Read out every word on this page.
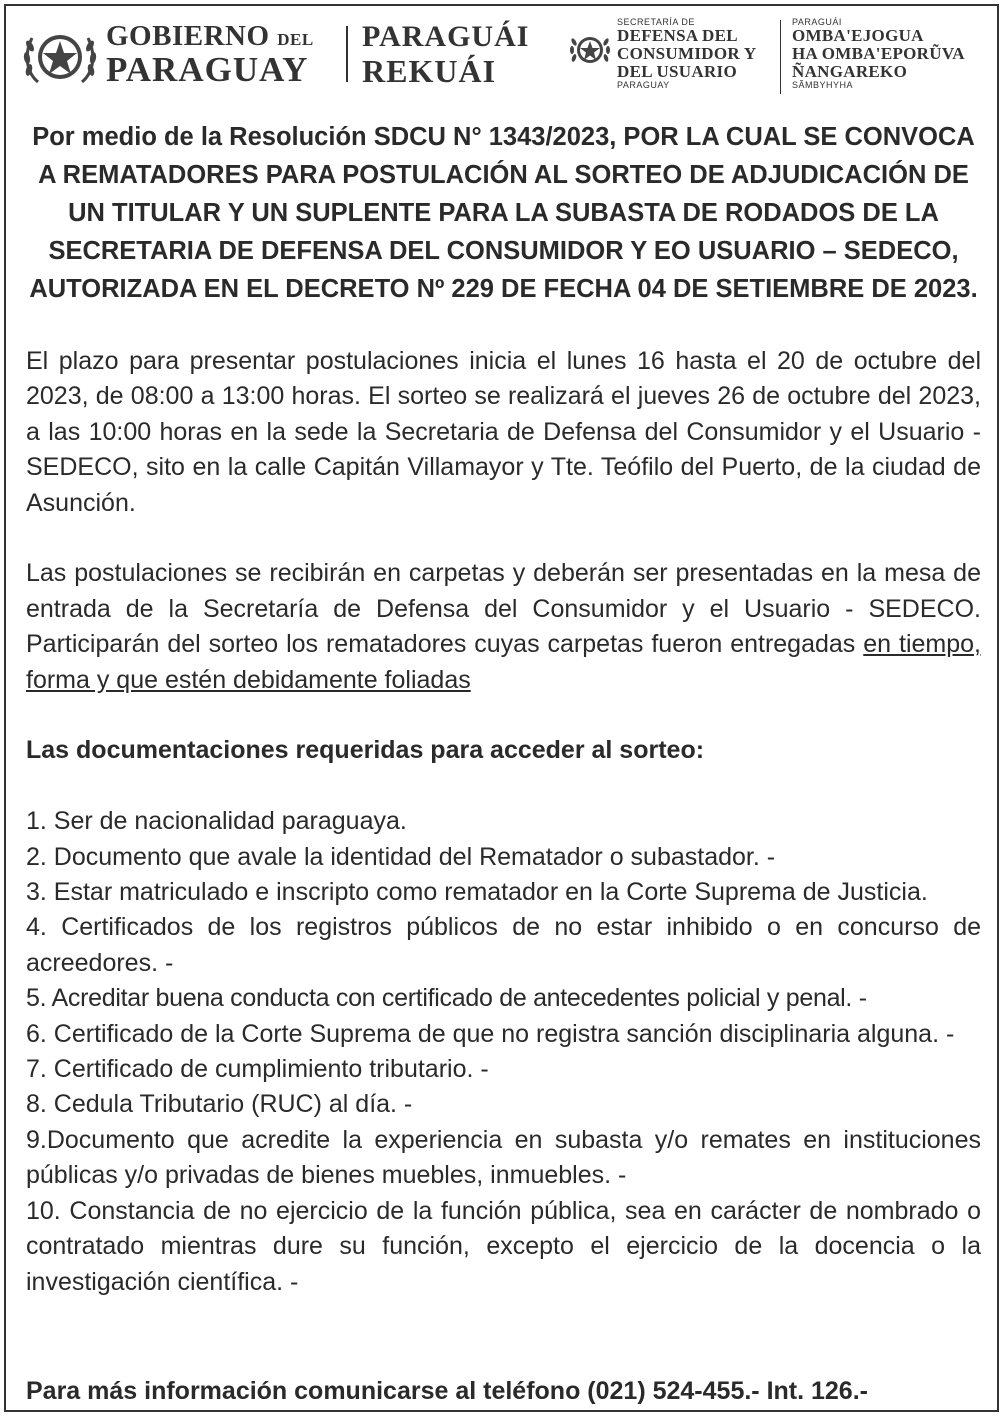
GOBIERNO DEL
PARAGUAY
PARAGUÁI
REKUÁI
SECRETARÍA DE
DEFENSA DEL
CONSUMIDOR Y
DEL USUARIO
PARAGUAY
PARAGUÁI
OMBA'EJOGUA
HA OMBA'EPORŨVA
ÑANGAREKO
SÃMBYHYHA
Por medio de la Resolución SDCU N° 1343/2023, POR LA CUAL SE CONVOCA A REMATADORES PARA POSTULACIÓN AL SORTEO DE ADJUDICACIÓN DE UN TITULAR Y UN SUPLENTE PARA LA SUBASTA DE RODADOS DE LA SECRETARIA DE DEFENSA DEL CONSUMIDOR Y EO USUARIO – SEDECO, AUTORIZADA EN EL DECRETO Nº 229 DE FECHA 04 DE SETIEMBRE DE 2023.

El plazo para presentar postulaciones inicia el lunes 16 hasta el 20 de octubre del 2023, de 08:00 a 13:00 horas. El sorteo se realizará el jueves 26 de octubre del 2023, a las 10:00 horas en la sede la Secretaria de Defensa del Consumidor y el Usuario - SEDECO, sito en la calle Capitán Villamayor y Tte. Teófilo del Puerto, de la ciudad de Asunción.

Las postulaciones se recibirán en carpetas y deberán ser presentadas en la mesa de entrada de la Secretaría de Defensa del Consumidor y el Usuario - SEDECO. Participarán del sorteo los rematadores cuyas carpetas fueron entregadas en tiempo, forma y que estén debidamente foliadas

Las documentaciones requeridas para acceder al sorteo:

1. Ser de nacionalidad paraguaya.

2. Documento que avale la identidad del Rematador o subastador. -

3. Estar matriculado e inscripto como rematador en la Corte Suprema de Justicia.

4. Certificados de los registros públicos de no estar inhibido o en concurso de acreedores. -

5. Acreditar buena conducta con certificado de antecedentes policial y penal. -

6. Certificado de la Corte Suprema de que no registra sanción disciplinaria alguna. -

7. Certificado de cumplimiento tributario. -

8. Cedula Tributario (RUC) al día. -

9.Documento que acredite la experiencia en subasta y/o remates en instituciones públicas y/o privadas de bienes muebles, inmuebles. -

10. Constancia de no ejercicio de la función pública, sea en carácter de nombrado o contratado mientras dure su función, excepto el ejercicio de la docencia o la investigación científica. -

Para más información comunicarse al teléfono (021) 524-455.- Int. 126.-
